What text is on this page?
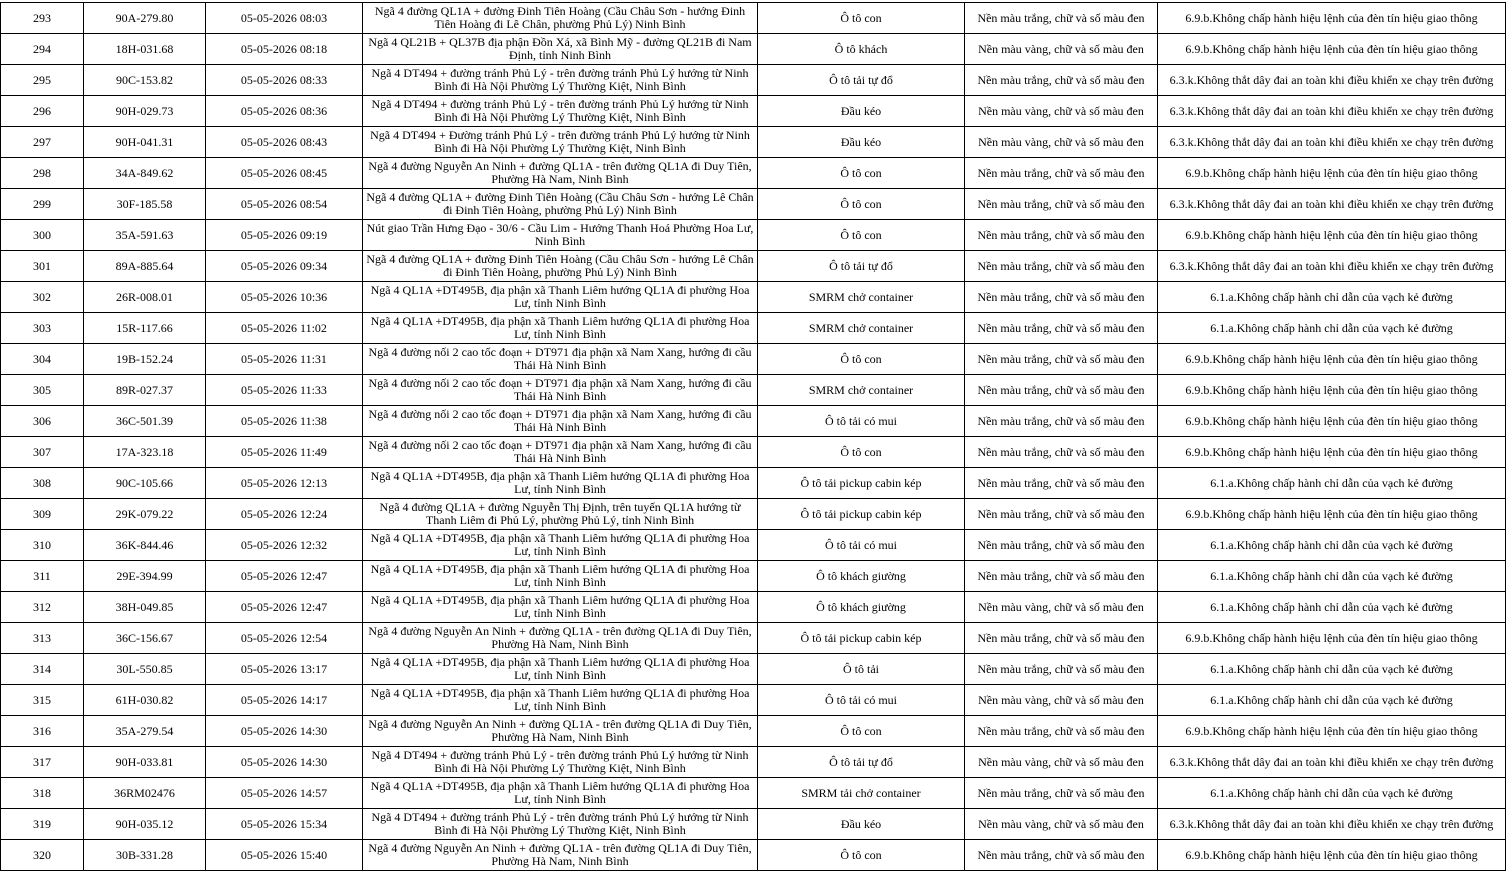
293	90A-279.80	05-05-2026 08:03	Ngã 4 đường QL1A + đường Đinh Tiên Hoàng (Cầu Châu Sơn - hướng Đinh Tiên Hoàng đi Lê Chân, phường Phủ Lý) Ninh Bình	Ô tô con	Nền màu trắng, chữ và số màu đen	6.9.b.Không chấp hành hiệu lệnh của đèn tín hiệu giao thông
294	18H-031.68	05-05-2026 08:18	Ngã 4 QL21B + QL37B địa phận Đồn Xá, xã Bình Mỹ - đường QL21B đi Nam Định, tỉnh Ninh Bình	Ô tô khách	Nền màu vàng, chữ và số màu đen	6.9.b.Không chấp hành hiệu lệnh của đèn tín hiệu giao thông
295	90C-153.82	05-05-2026 08:33	Ngã 4 DT494 + đường tránh Phủ Lý - trên đường tránh Phủ Lý hướng từ Ninh Bình đi Hà Nội Phường Lý Thường Kiệt, Ninh Bình	Ô tô tải tự đổ	Nền màu trắng, chữ và số màu đen	6.3.k.Không thắt dây đai an toàn khi điều khiển xe chạy trên đường
296	90H-029.73	05-05-2026 08:36	Ngã 4 DT494 + đường tránh Phủ Lý - trên đường tránh Phủ Lý hướng từ Ninh Bình đi Hà Nội Phường Lý Thường Kiệt, Ninh Bình	Đầu kéo	Nền màu vàng, chữ và số màu đen	6.3.k.Không thắt dây đai an toàn khi điều khiển xe chạy trên đường
297	90H-041.31	05-05-2026 08:43	Ngã 4 DT494 + Đường tránh Phủ Lý - trên đường tránh Phủ Lý hướng từ Ninh Bình đi Hà Nội Phường Lý Thường Kiệt, Ninh Bình	Đầu kéo	Nền màu vàng, chữ và số màu đen	6.3.k.Không thắt dây đai an toàn khi điều khiển xe chạy trên đường
298	34A-849.62	05-05-2026 08:45	Ngã 4 đường Nguyễn An Ninh + đường QL1A - trên đường QL1A đi Duy Tiên, Phường Hà Nam, Ninh Bình	Ô tô con	Nền màu trắng, chữ và số màu đen	6.9.b.Không chấp hành hiệu lệnh của đèn tín hiệu giao thông
299	30F-185.58	05-05-2026 08:54	Ngã 4 đường QL1A + đường Đinh Tiên Hoàng (Cầu Châu Sơn - hướng Lê Chân đi Đinh Tiên Hoàng, phường Phủ Lý) Ninh Bình	Ô tô con	Nền màu trắng, chữ và số màu đen	6.3.k.Không thắt dây đai an toàn khi điều khiển xe chạy trên đường
300	35A-591.63	05-05-2026 09:19	Nút giao Trần Hưng Đạo - 30/6 - Cầu Lim - Hướng Thanh Hoá Phường Hoa Lư, Ninh Bình	Ô tô con	Nền màu trắng, chữ và số màu đen	6.9.b.Không chấp hành hiệu lệnh của đèn tín hiệu giao thông
301	89A-885.64	05-05-2026 09:34	Ngã 4 đường QL1A + đường Đinh Tiên Hoàng (Cầu Châu Sơn - hướng Lê Chân đi Đinh Tiên Hoàng, phường Phủ Lý) Ninh Bình	Ô tô tải tự đổ	Nền màu trắng, chữ và số màu đen	6.3.k.Không thắt dây đai an toàn khi điều khiển xe chạy trên đường
302	26R-008.01	05-05-2026 10:36	Ngã 4 QL1A +DT495B, địa phận xã Thanh Liêm hướng QL1A đi phường Hoa Lư, tỉnh Ninh Bình	SMRM chở container	Nền màu trắng, chữ và số màu đen	6.1.a.Không chấp hành chỉ dẫn của vạch kẻ đường
303	15R-117.66	05-05-2026 11:02	Ngã 4 QL1A +DT495B, địa phận xã Thanh Liêm hướng QL1A đi phường Hoa Lư, tỉnh Ninh Bình	SMRM chở container	Nền màu trắng, chữ và số màu đen	6.1.a.Không chấp hành chỉ dẫn của vạch kẻ đường
304	19B-152.24	05-05-2026 11:31	Ngã 4 đường nối 2 cao tốc đoạn + DT971 địa phận xã Nam Xang, hướng đi cầu Thái Hà Ninh Bình	Ô tô con	Nền màu trắng, chữ và số màu đen	6.9.b.Không chấp hành hiệu lệnh của đèn tín hiệu giao thông
305	89R-027.37	05-05-2026 11:33	Ngã 4 đường nối 2 cao tốc đoạn + DT971 địa phận xã Nam Xang, hướng đi cầu Thái Hà Ninh Bình	SMRM chở container	Nền màu trắng, chữ và số màu đen	6.9.b.Không chấp hành hiệu lệnh của đèn tín hiệu giao thông
306	36C-501.39	05-05-2026 11:38	Ngã 4 đường nối 2 cao tốc đoạn + DT971 địa phận xã Nam Xang, hướng đi cầu Thái Hà Ninh Bình	Ô tô tải có mui	Nền màu trắng, chữ và số màu đen	6.9.b.Không chấp hành hiệu lệnh của đèn tín hiệu giao thông
307	17A-323.18	05-05-2026 11:49	Ngã 4 đường nối 2 cao tốc đoạn + DT971 địa phận xã Nam Xang, hướng đi cầu Thái Hà Ninh Bình	Ô tô con	Nền màu trắng, chữ và số màu đen	6.9.b.Không chấp hành hiệu lệnh của đèn tín hiệu giao thông
308	90C-105.66	05-05-2026 12:13	Ngã 4 QL1A +DT495B, địa phận xã Thanh Liêm hướng QL1A đi phường Hoa Lư, tỉnh Ninh Bình	Ô tô tải pickup cabin kép	Nền màu trắng, chữ và số màu đen	6.1.a.Không chấp hành chỉ dẫn của vạch kẻ đường
309	29K-079.22	05-05-2026 12:24	Ngã 4 đường QL1A + đường Nguyễn Thị Định, trên tuyến QL1A hướng từ Thanh Liêm đi Phủ Lý, phường Phủ Lý, tỉnh Ninh Bình	Ô tô tải pickup cabin kép	Nền màu trắng, chữ và số màu đen	6.9.b.Không chấp hành hiệu lệnh của đèn tín hiệu giao thông
310	36K-844.46	05-05-2026 12:32	Ngã 4 QL1A +DT495B, địa phận xã Thanh Liêm hướng QL1A đi phường Hoa Lư, tỉnh Ninh Bình	Ô tô tải có mui	Nền màu trắng, chữ và số màu đen	6.1.a.Không chấp hành chỉ dẫn của vạch kẻ đường
311	29E-394.99	05-05-2026 12:47	Ngã 4 QL1A +DT495B, địa phận xã Thanh Liêm hướng QL1A đi phường Hoa Lư, tỉnh Ninh Bình	Ô tô khách giường	Nền màu trắng, chữ và số màu đen	6.1.a.Không chấp hành chỉ dẫn của vạch kẻ đường
312	38H-049.85	05-05-2026 12:47	Ngã 4 QL1A +DT495B, địa phận xã Thanh Liêm hướng QL1A đi phường Hoa Lư, tỉnh Ninh Bình	Ô tô khách giường	Nền màu vàng, chữ và số màu đen	6.1.a.Không chấp hành chỉ dẫn của vạch kẻ đường
313	36C-156.67	05-05-2026 12:54	Ngã 4 đường Nguyễn An Ninh + đường QL1A - trên đường QL1A đi Duy Tiên, Phường Hà Nam, Ninh Bình	Ô tô tải pickup cabin kép	Nền màu trắng, chữ và số màu đen	6.9.b.Không chấp hành hiệu lệnh của đèn tín hiệu giao thông
314	30L-550.85	05-05-2026 13:17	Ngã 4 QL1A +DT495B, địa phận xã Thanh Liêm hướng QL1A đi phường Hoa Lư, tỉnh Ninh Bình	Ô tô tải	Nền màu trắng, chữ và số màu đen	6.1.a.Không chấp hành chỉ dẫn của vạch kẻ đường
315	61H-030.82	05-05-2026 14:17	Ngã 4 QL1A +DT495B, địa phận xã Thanh Liêm hướng QL1A đi phường Hoa Lư, tỉnh Ninh Bình	Ô tô tải có mui	Nền màu vàng, chữ và số màu đen	6.1.a.Không chấp hành chỉ dẫn của vạch kẻ đường
316	35A-279.54	05-05-2026 14:30	Ngã 4 đường Nguyễn An Ninh + đường QL1A - trên đường QL1A đi Duy Tiên, Phường Hà Nam, Ninh Bình	Ô tô con	Nền màu trắng, chữ và số màu đen	6.9.b.Không chấp hành hiệu lệnh của đèn tín hiệu giao thông
317	90H-033.81	05-05-2026 14:30	Ngã 4 DT494 + đường tránh Phủ Lý - trên đường tránh Phủ Lý hướng từ Ninh Bình đi Hà Nội Phường Lý Thường Kiệt, Ninh Bình	Ô tô tải tự đổ	Nền màu vàng, chữ và số màu đen	6.3.k.Không thắt dây đai an toàn khi điều khiển xe chạy trên đường
318	36RM02476	05-05-2026 14:57	Ngã 4 QL1A +DT495B, địa phận xã Thanh Liêm hướng QL1A đi phường Hoa Lư, tỉnh Ninh Bình	SMRM tải chở container	Nền màu trắng, chữ và số màu đen	6.1.a.Không chấp hành chỉ dẫn của vạch kẻ đường
319	90H-035.12	05-05-2026 15:34	Ngã 4 DT494 + đường tránh Phủ Lý - trên đường tránh Phủ Lý hướng từ Ninh Bình đi Hà Nội Phường Lý Thường Kiệt, Ninh Bình	Đầu kéo	Nền màu vàng, chữ và số màu đen	6.3.k.Không thắt dây đai an toàn khi điều khiển xe chạy trên đường
320	30B-331.28	05-05-2026 15:40	Ngã 4 đường Nguyễn An Ninh + đường QL1A - trên đường QL1A đi Duy Tiên, Phường Hà Nam, Ninh Bình	Ô tô con	Nền màu trắng, chữ và số màu đen	6.9.b.Không chấp hành hiệu lệnh của đèn tín hiệu giao thông
